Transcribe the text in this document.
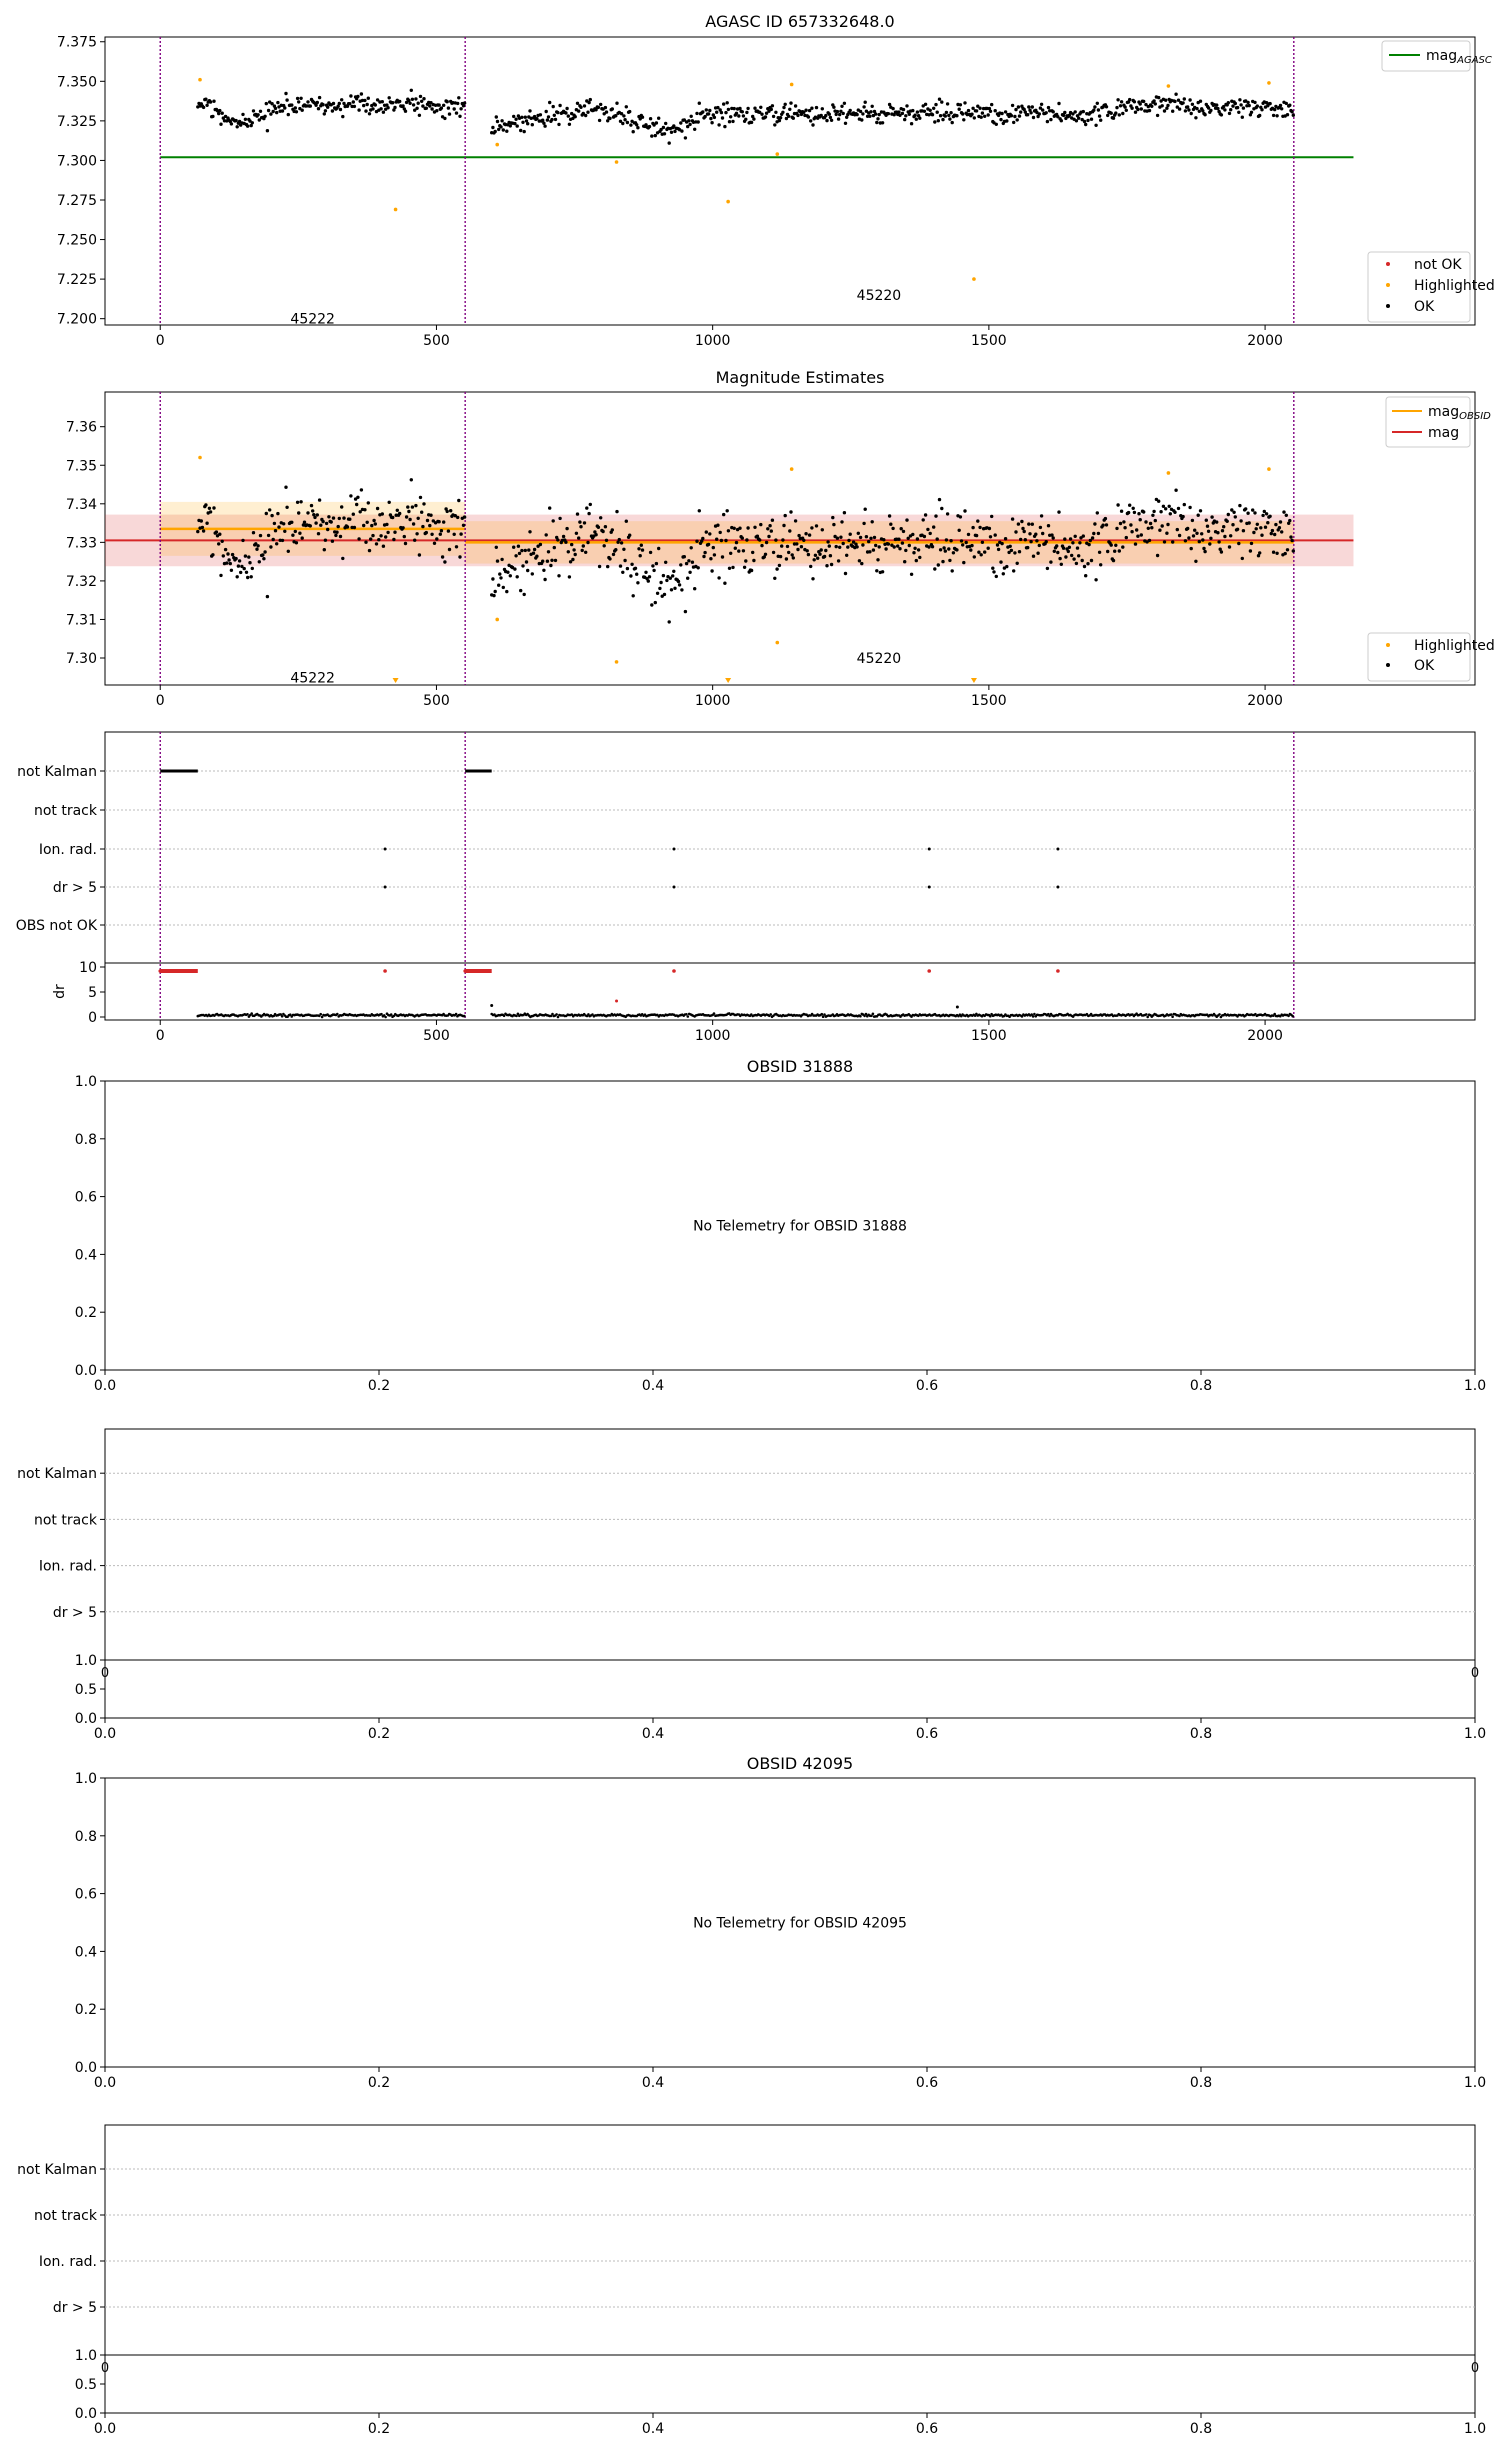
AGASC ID 657332648.0
45222
45220
7.200
7.225
7.250
7.275
7.300
7.325
7.350
7.375
0	500	1000	1500	2000
mag$_{AGASC}$
not OK
Highlighted
OK
Magnitude Estimates
45222
45220
7.30
7.31
7.32
7.33
7.34
7.35
7.36
0	500	1000	1500	2000
mag$_{OBSID}$
mag
Highlighted
OK
not Kalman
not track
Ion. rad.
dr > 5
OBS not OK
0
5
10
dr
0	500	1000	1500	2000
OBSID 31888
No Telemetry for OBSID 31888
0.0
0.2
0.4
0.6
0.8
1.0
0.0	0.2	0.4	0.6	0.8	1.0
OBSID 42095
No Telemetry for OBSID 42095
0.0
0.2
0.4
0.6
0.8
1.0
0.0	0.2	0.4	0.6	0.8	1.0
not Kalman
not track
Ion. rad.
dr > 5
1.0
0	0
0.0
0.5
0.0	0.2	0.4	0.6	0.8	1.0
not Kalman
not track
Ion. rad.
dr > 5
1.0
0	0
0.0
0.5
0.0	0.2	0.4	0.6	0.8	1.0
